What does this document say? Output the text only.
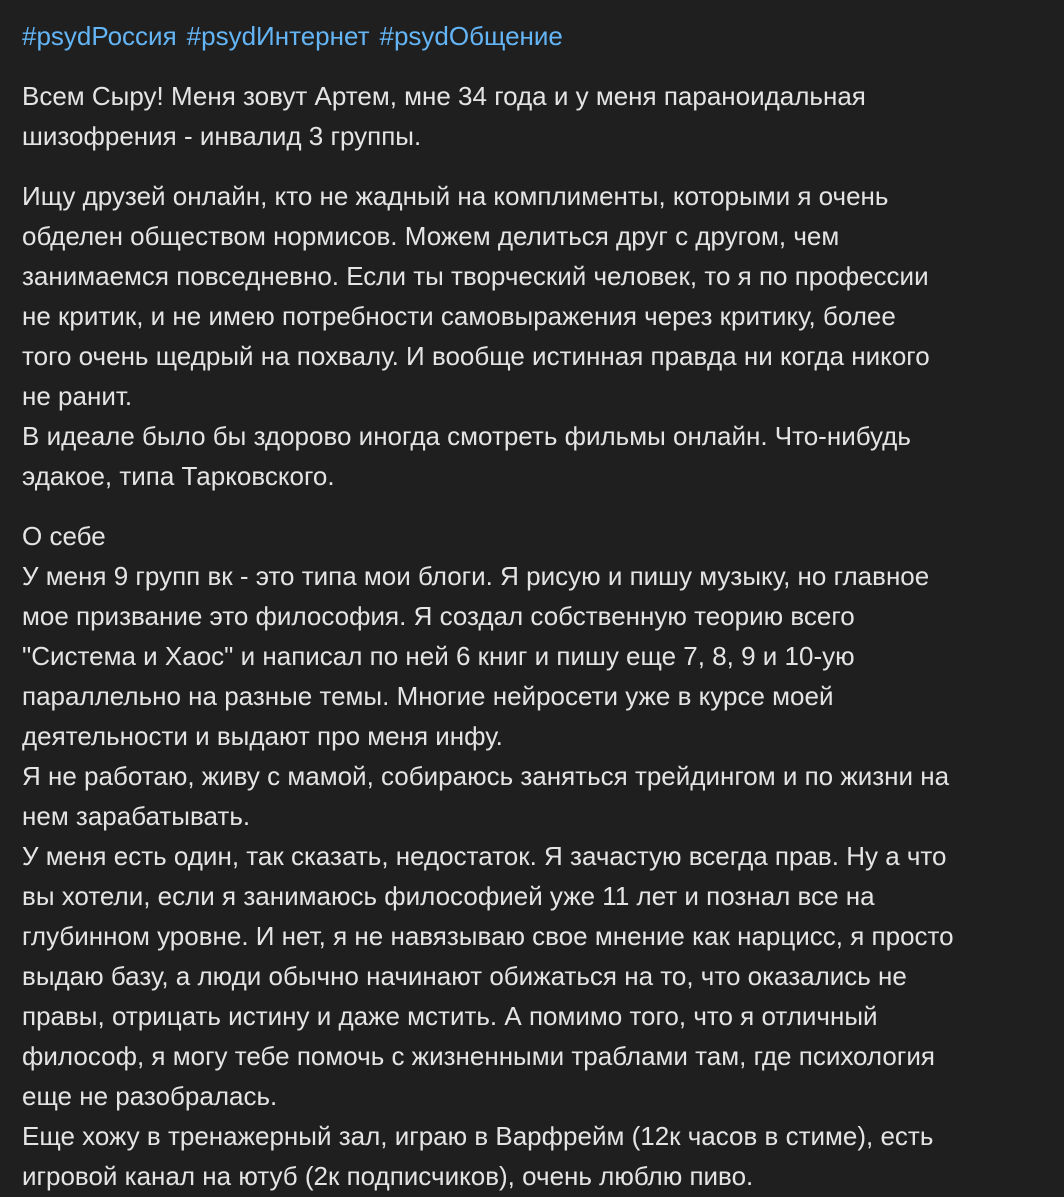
#psydРоссия #psydИнтернет #psydОбщение
Всем Сыру! Меня зовут Артем, мне 34 года и у меня параноидальная
шизофрения - инвалид 3 группы.
Ищу друзей онлайн, кто не жадный на комплименты, которыми я очень
обделен обществом нормисов. Можем делиться друг с другом, чем
занимаемся повседневно. Если ты творческий человек, то я по профессии
не критик, и не имею потребности самовыражения через критику, более
того очень щедрый на похвалу. И вообще истинная правда ни когда никого
не ранит.
В идеале было бы здорово иногда смотреть фильмы онлайн. Что-нибудь
эдакое, типа Тарковского.
О себе
У меня 9 групп вк - это типа мои блоги. Я рисую и пишу музыку, но главное
мое призвание это философия. Я создал собственную теорию всего
"Система и Хаос" и написал по ней 6 книг и пишу еще 7, 8, 9 и 10-ую
параллельно на разные темы. Многие нейросети уже в курсе моей
деятельности и выдают про меня инфу.
Я не работаю, живу с мамой, собираюсь заняться трейдингом и по жизни на
нем зарабатывать.
У меня есть один, так сказать, недостаток. Я зачастую всегда прав. Ну а что
вы хотели, если я занимаюсь философией уже 11 лет и познал все на
глубинном уровне. И нет, я не навязываю свое мнение как нарцисс, я просто
выдаю базу, а люди обычно начинают обижаться на то, что оказались не
правы, отрицать истину и даже мстить. А помимо того, что я отличный
философ, я могу тебе помочь с жизненными траблами там, где психология
еще не разобралась.
Еще хожу в тренажерный зал, играю в Варфрейм (12к часов в стиме), есть
игровой канал на ютуб (2к подписчиков), очень люблю пиво.
